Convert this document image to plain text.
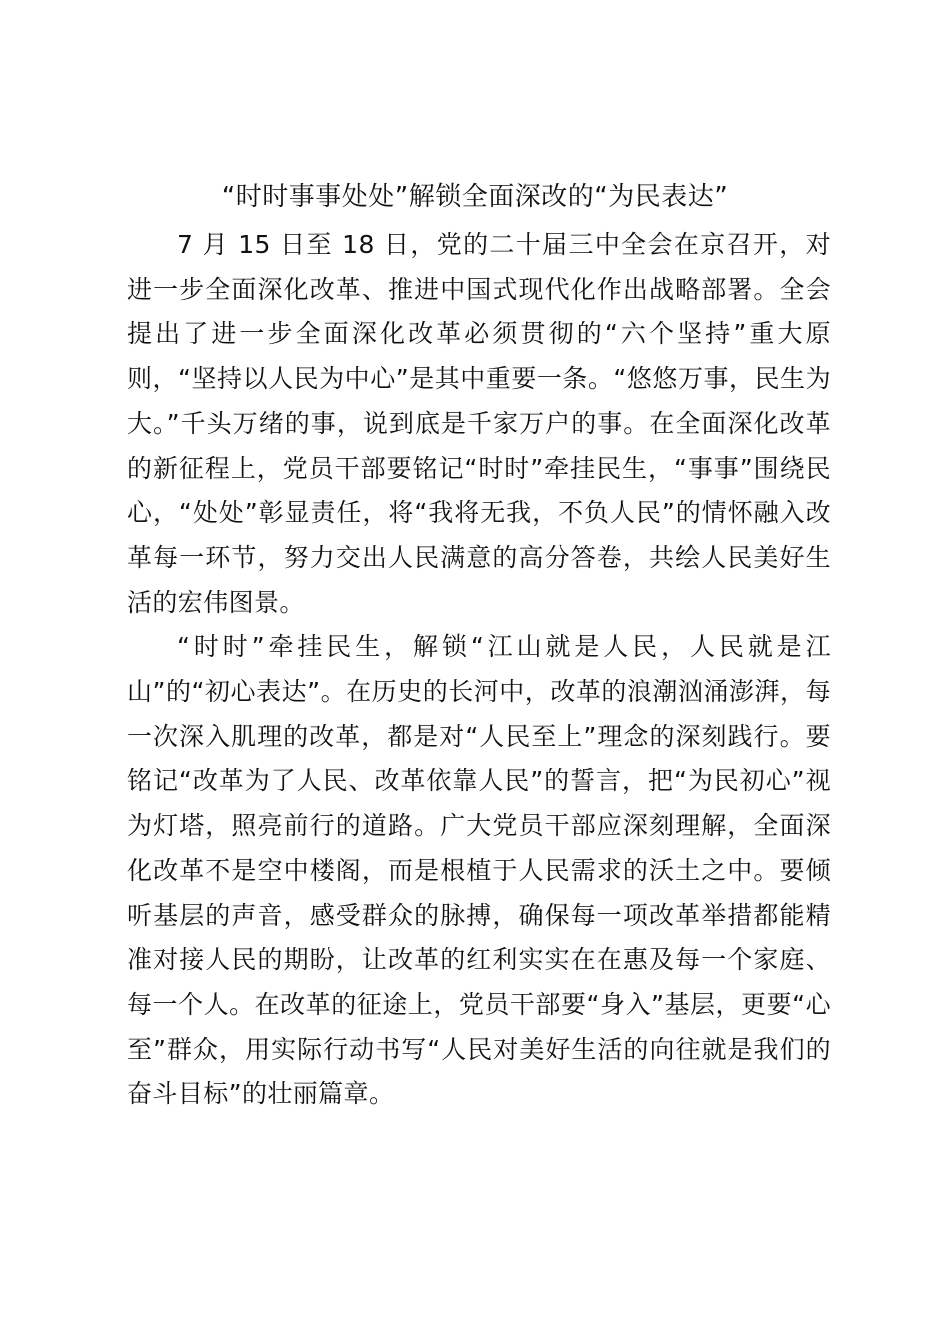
“时时事事处处”解锁全面深改的“为民表达”

7 月 15 日至 18 日，党的二十届三中全会在京召开，对进一步全面深化改革、推进中国式现代化作出战略部署。全会提出了进一步全面深化改革必须贯彻的“六个坚持”重大原则，“坚持以人民为中心”是其中重要一条。“悠悠万事，民生为大。”千头万绪的事，说到底是千家万户的事。在全面深化改革的新征程上，党员干部要铭记“时时”牵挂民生，“事事”围绕民心，“处处”彰显责任，将“我将无我，不负人民”的情怀融入改革每一环节，努力交出人民满意的高分答卷，共绘人民美好生活的宏伟图景。

“时时”牵挂民生，解锁“江山就是人民，人民就是江山”的“初心表达”。在历史的长河中，改革的浪潮汹涌澎湃，每一次深入肌理的改革，都是对“人民至上”理念的深刻践行。要铭记“改革为了人民、改革依靠人民”的誓言，把“为民初心”视为灯塔，照亮前行的道路。广大党员干部应深刻理解，全面深化改革不是空中楼阁，而是根植于人民需求的沃土之中。要倾听基层的声音，感受群众的脉搏，确保每一项改革举措都能精准对接人民的期盼，让改革的红利实实在在惠及每一个家庭、每一个人。在改革的征途上，党员干部要“身入”基层，更要“心至”群众，用实际行动书写“人民对美好生活的向往就是我们的奋斗目标”的壮丽篇章。
